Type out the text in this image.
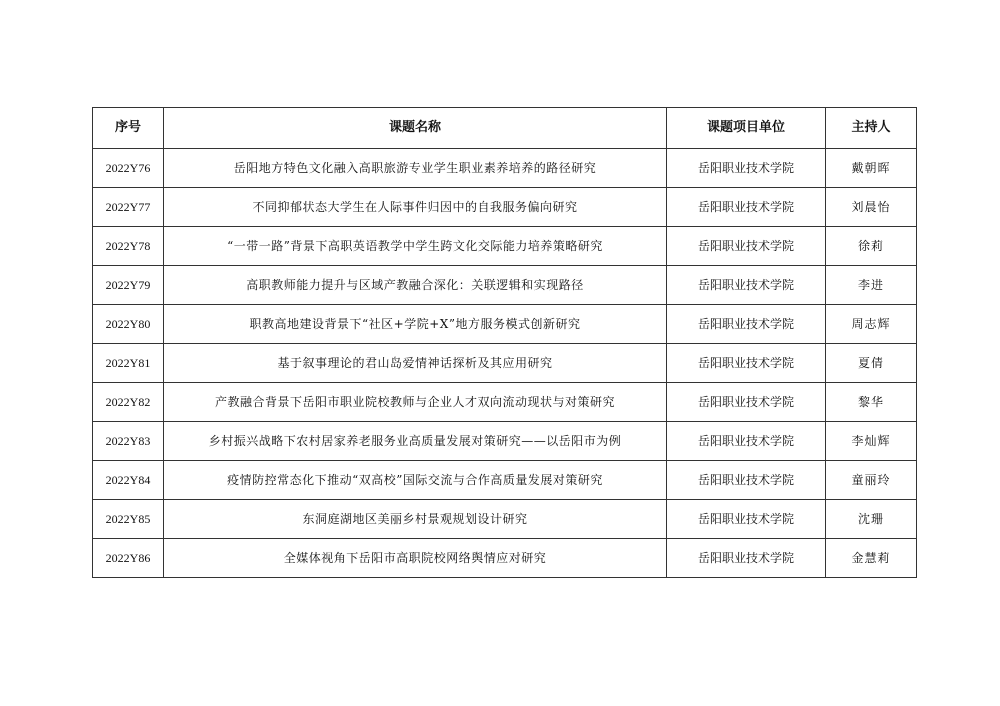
序号	课题名称	课题项目单位	主持人
2022Y76	岳阳地方特色文化融入高职旅游专业学生职业素养培养的路径研究	岳阳职业技术学院	戴朝晖
2022Y77	不同抑郁状态大学生在人际事件归因中的自我服务偏向研究	岳阳职业技术学院	刘晨怡
2022Y78	“一带一路”背景下高职英语教学中学生跨文化交际能力培养策略研究	岳阳职业技术学院	徐莉
2022Y79	高职教师能力提升与区域产教融合深化：关联逻辑和实现路径	岳阳职业技术学院	李进
2022Y80	职教高地建设背景下“社区+学院+X”地方服务模式创新研究	岳阳职业技术学院	周志辉
2022Y81	基于叙事理论的君山岛爱情神话探析及其应用研究	岳阳职业技术学院	夏倩
2022Y82	产教融合背景下岳阳市职业院校教师与企业人才双向流动现状与对策研究	岳阳职业技术学院	黎华
2022Y83	乡村振兴战略下农村居家养老服务业高质量发展对策研究——以岳阳市为例	岳阳职业技术学院	李灿辉
2022Y84	疫情防控常态化下推动“双高校”国际交流与合作高质量发展对策研究	岳阳职业技术学院	童丽玲
2022Y85	东洞庭湖地区美丽乡村景观规划设计研究	岳阳职业技术学院	沈珊
2022Y86	全媒体视角下岳阳市高职院校网络舆情应对研究	岳阳职业技术学院	金慧莉
